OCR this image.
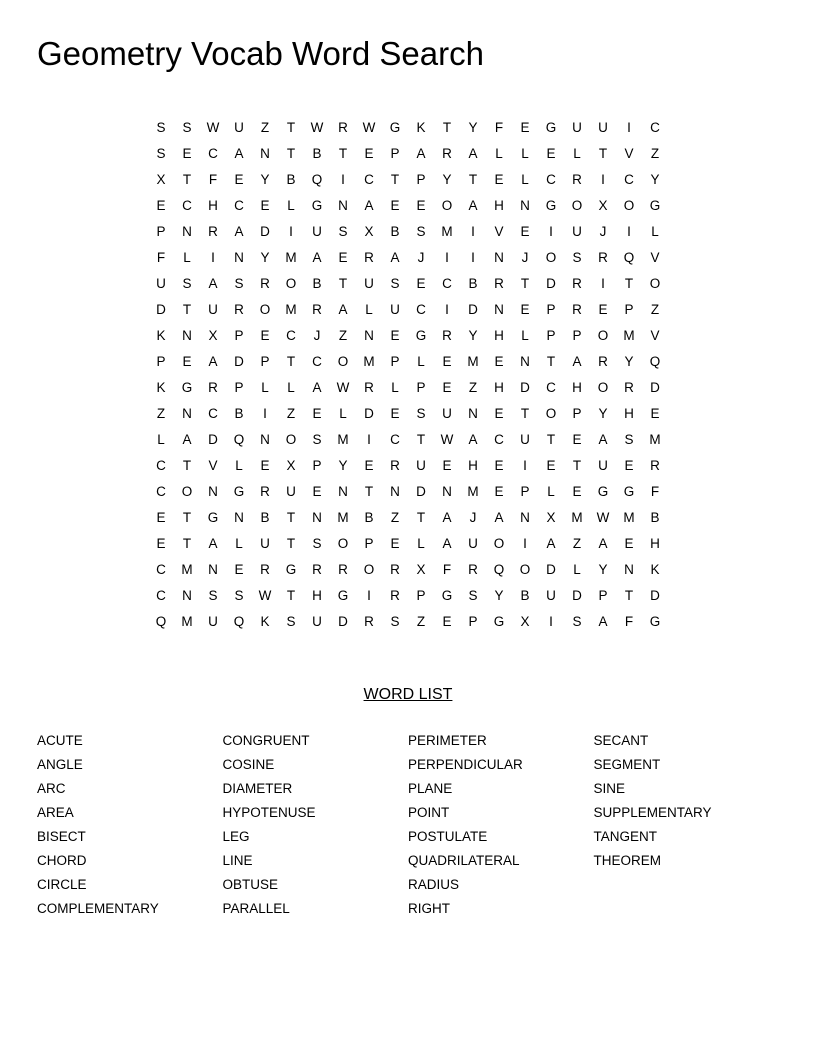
Geometry Vocab Word Search
S	S	W	U	Z	T	W	R	W	G	K	T	Y	F	E	G	U	U	I	C
S	E	C	A	N	T	B	T	E	P	A	R	A	L	L	E	L	T	V	Z
X	T	F	E	Y	B	Q	I	C	T	P	Y	T	E	L	C	R	I	C	Y
E	C	H	C	E	L	G	N	A	E	E	O	A	H	N	G	O	X	O	G
P	N	R	A	D	I	U	S	X	B	S	M	I	V	E	I	U	J	I	L
F	L	I	N	Y	M	A	E	R	A	J	I	I	N	J	O	S	R	Q	V
U	S	A	S	R	O	B	T	U	S	E	C	B	R	T	D	R	I	T	O
D	T	U	R	O	M	R	A	L	U	C	I	D	N	E	P	R	E	P	Z
K	N	X	P	E	C	J	Z	N	E	G	R	Y	H	L	P	P	O	M	V
P	E	A	D	P	T	C	O	M	P	L	E	M	E	N	T	A	R	Y	Q
K	G	R	P	L	L	A	W	R	L	P	E	Z	H	D	C	H	O	R	D
Z	N	C	B	I	Z	E	L	D	E	S	U	N	E	T	O	P	Y	H	E
L	A	D	Q	N	O	S	M	I	C	T	W	A	C	U	T	E	A	S	M
C	T	V	L	E	X	P	Y	E	R	U	E	H	E	I	E	T	U	E	R
C	O	N	G	R	U	E	N	T	N	D	N	M	E	P	L	E	G	G	F
E	T	G	N	B	T	N	M	B	Z	T	A	J	A	N	X	M	W	M	B
E	T	A	L	U	T	S	O	P	E	L	A	U	O	I	A	Z	A	E	H
C	M	N	E	R	G	R	R	O	R	X	F	R	Q	O	D	L	Y	N	K
C	N	S	S	W	T	H	G	I	R	P	G	S	Y	B	U	D	P	T	D
Q	M	U	Q	K	S	U	D	R	S	Z	E	P	G	X	I	S	A	F	G
WORD LIST
ACUTE
ANGLE
ARC
AREA
BISECT
CHORD
CIRCLE
COMPLEMENTARY
CONGRUENT
COSINE
DIAMETER
HYPOTENUSE
LEG
LINE
OBTUSE
PARALLEL
PERIMETER
PERPENDICULAR
PLANE
POINT
POSTULATE
QUADRILATERAL
RADIUS
RIGHT
SECANT
SEGMENT
SINE
SUPPLEMENTARY
TANGENT
THEOREM
